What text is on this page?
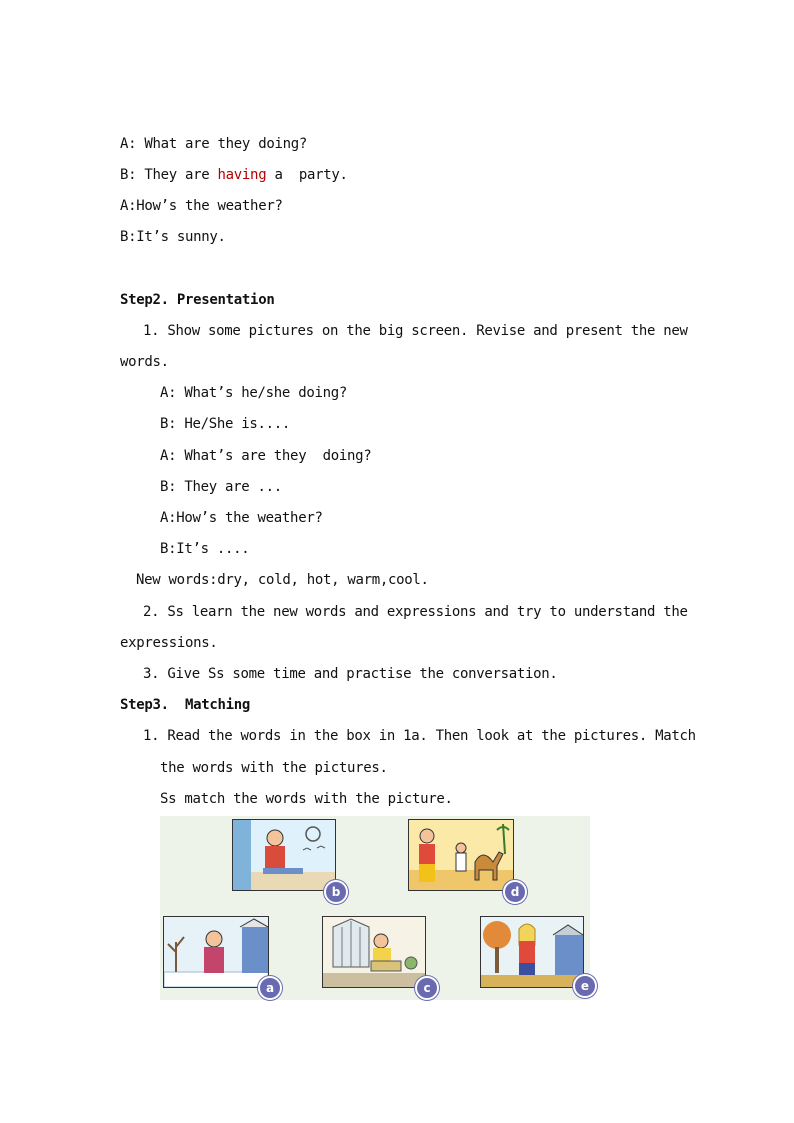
A: What are they doing?
B: They are having a  party.
A:How’s the weather?
B:It’s sunny.
Step2. Presentation
1. Show some pictures on the big screen. Revise and present the new
words.
A: What’s he/she doing?
B: He/She is....
A: What’s are they  doing?
B: They are ...
A:How’s the weather?
B:It’s ....
New words:dry, cold, hot, warm,cool.
2. Ss learn the new words and expressions and try to understand the
expressions.
3. Give Ss some time and practise the conversation.
Step3.  Matching
1. Read the words in the box in 1a. Then look at the pictures. Match
the words with the pictures.
Ss match the words with the picture.
b	d
a	c	e
